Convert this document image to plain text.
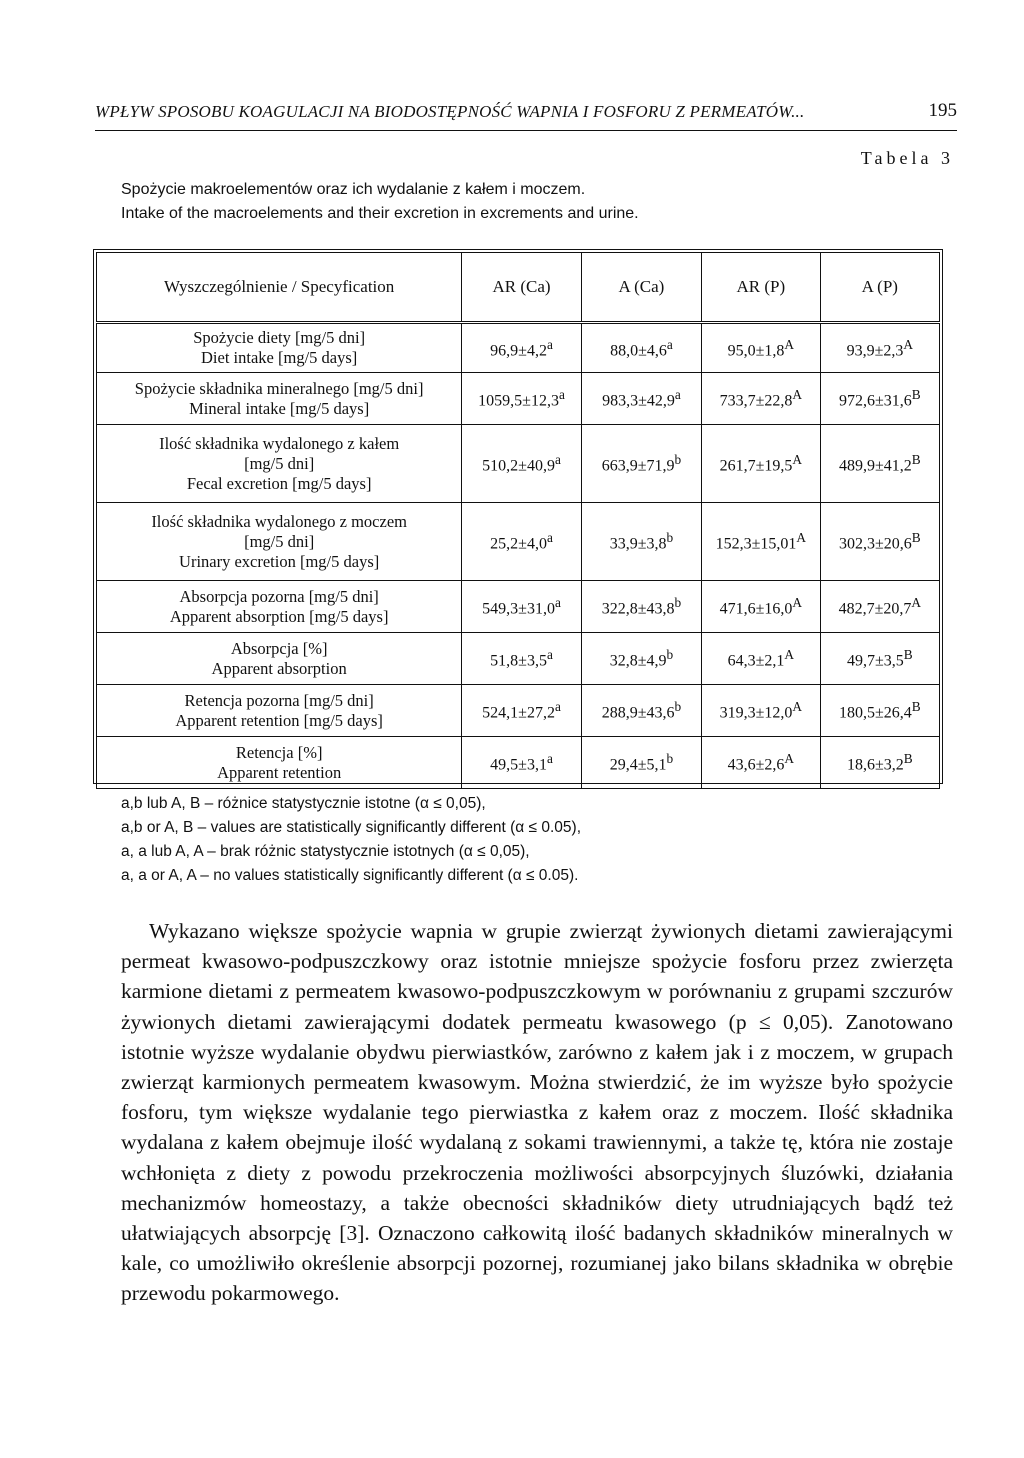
WPŁYW SPOSOBU KOAGULACJI NA BIODOSTĘPNOŚĆ WAPNIA I FOSFORU Z PERMEATÓW...	195
Tabela 3
Spożycie makroelementów oraz ich wydalanie z kałem i moczem.
Intake of the macroelements and their excretion in excrements and urine.
Wyszczególnienie / Specyfication	AR (Ca)	A (Ca)	AR (P)	A (P)

Spożycie diety [mg/5 dni]
Diet intake [mg/5 days]	96,9±4,2$^a$	88,0±4,6$^a$	$95,0\pm 1,8^A$	$93,9\pm 2,3^A$

Spożycie składnika mineralnego [mg/5 dni]
Mineral intake [mg/5 days]	1059,5±12,3$^a$	983,3±42,9$^a$	$733,7\pm 22,8^A$	$972,6\pm 31,6^B$

Ilość składnika wydalonego z kałem
[mg/5 dni]
Fecal excretion [mg/5 days]	510,2±40,9$^a$	663,9±71,9$^b$	$261,7\pm 19,5^A$	$489,9\pm 41,2^B$

Ilość składnika wydalonego z moczem
[mg/5 dni]
Urinary excretion [mg/5 days]	25,2±4,0$^a$	33,9±3,8$^b$	$152,3\pm 15,01^A$	$302,3\pm 20,6^B$

Absorpcja pozorna [mg/5 dni]
Apparent absorption [mg/5 days]	549,3±31,0$^a$	322,8±43,8$^b$	$471,6\pm 16,0^A$	$482,7\pm 20,7^A$

Absorpcja [%]
Apparent absorption	51,8±3,5$^a$	32,8±4,9$^b$	$64,3\pm 2,1^A$	$49,7\pm 3,5^B$

Retencja pozorna [mg/5 dni]
Apparent retention [mg/5 days]	524,1±27,2$^a$	288,9±43,6$^b$	$319,3\pm 12,0^A$	$180,5\pm 26,4^B$

Retencja [%]
Apparent retention	49,5±3,1$^a$	29,4±5,1$^b$	$43,6\pm 2,6^A$	$18,6\pm 3,2^B$
a,b lub A, B – różnice statystycznie istotne (α ≤ 0,05),
a,b or A, B – values are statistically significantly different (α ≤ 0.05),
a, a lub A, A – brak różnic statystycznie istotnych (α ≤ 0,05),
a, a or A, A – no values statistically significantly different (α ≤ 0.05).
Wykazano większe spożycie wapnia w grupie zwierząt żywionych dietami zawierającymi permeat kwasowo-podpuszczkowy oraz istotnie mniejsze spożycie fosforu przez zwierzęta karmione dietami z permeatem kwasowo-podpuszczkowym w porównaniu z grupami szczurów żywionych dietami zawierającymi dodatek permeatu kwasowego (p ≤ 0,05). Zanotowano istotnie wyższe wydalanie obydwu pierwiastków, zarówno z kałem jak i z moczem, w grupach zwierząt karmionych permeatem kwasowym. Można stwierdzić, że im wyższe było spożycie fosforu, tym większe wydalanie tego pierwiastka z kałem oraz z moczem. Ilość składnika wydalana z kałem obejmuje ilość wydalaną z sokami trawiennymi, a także tę, która nie zostaje wchłonięta z diety z powodu przekroczenia możliwości absorpcyjnych śluzówki, działania mechanizmów homeostazy, a także obecności składników diety utrudniających bądź też ułatwiających absorpcję [3]. Oznaczono całkowitą ilość badanych składników mineralnych w kale, co umożliwiło określenie absorpcji pozornej, rozumianej jako bilans składnika w obrębie przewodu pokarmowego.
